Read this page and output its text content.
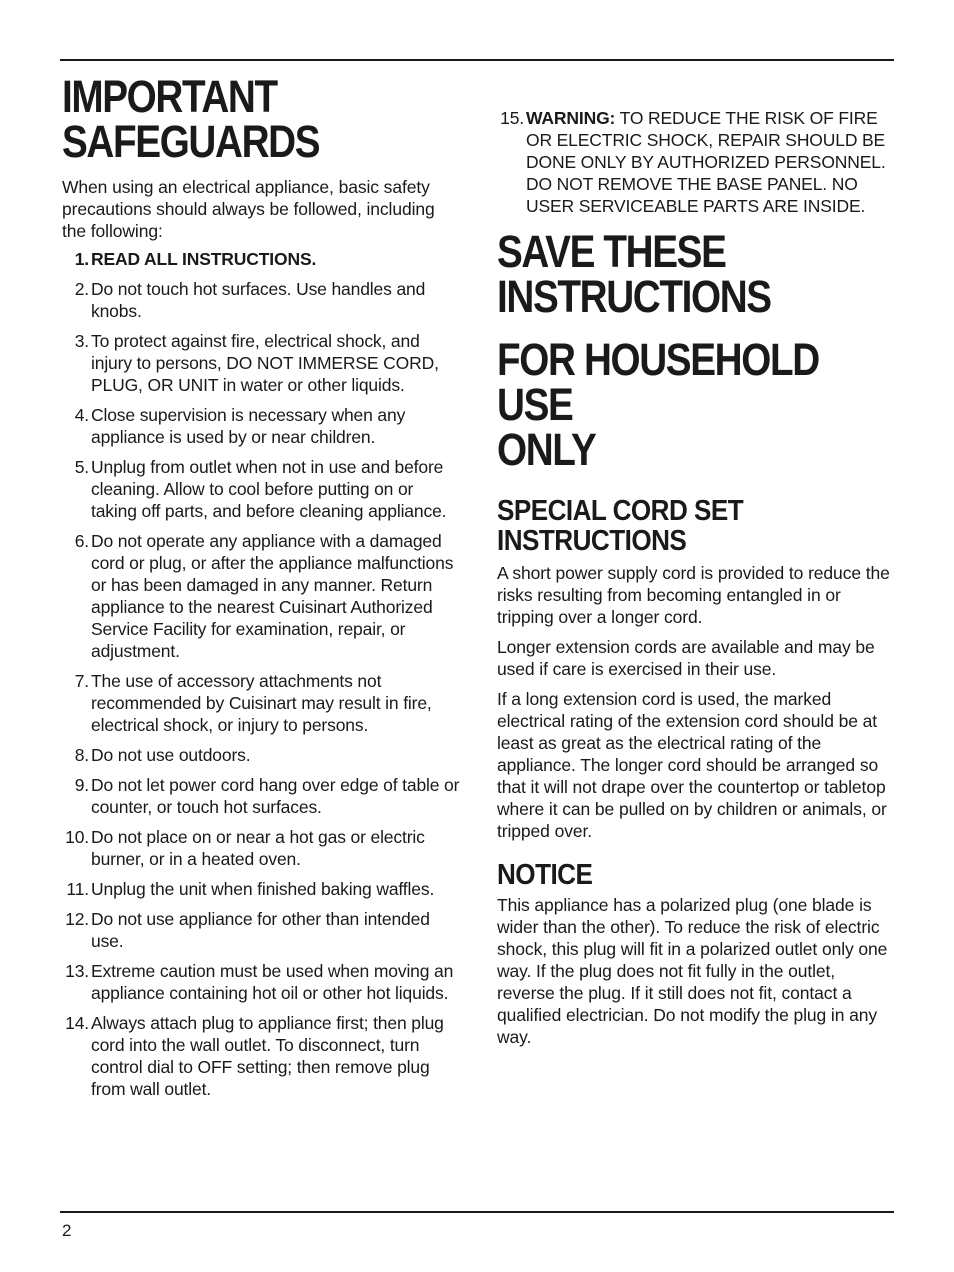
IMPORTANT
SAFEGUARDS

When using an electrical appliance, basic safety precautions should always be followed, including the following:

1. READ ALL INSTRUCTIONS.
2. Do not touch hot surfaces. Use handles and knobs.
3. To protect against fire, electrical shock, and injury to persons, DO NOT IMMERSE CORD, PLUG, OR UNIT in water or other liquids.
4. Close supervision is necessary when any appliance is used by or near children.
5. Unplug from outlet when not in use and before cleaning. Allow to cool before putting on or taking off parts, and before cleaning appliance.
6. Do not operate any appliance with a damaged cord or plug, or after the appliance malfunctions or has been damaged in any manner. Return appliance to the nearest Cuisinart Authorized Service Facility for examination, repair, or adjustment.
7. The use of accessory attachments not recommended by Cuisinart may result in fire, electrical shock, or injury to persons.
8. Do not use outdoors.
9. Do not let power cord hang over edge of table or counter, or touch hot surfaces.
10. Do not place on or near a hot gas or electric burner, or in a heated oven.
11. Unplug the unit when finished baking waffles.
12. Do not use appliance for other than intended use.
13. Extreme caution must be used when moving an appliance containing hot oil or other hot liquids.
14. Always attach plug to appliance first; then plug cord into the wall outlet. To disconnect, turn control dial to OFF setting; then remove plug from wall outlet.
15. WARNING: TO REDUCE THE RISK OF FIRE OR ELECTRIC SHOCK, REPAIR SHOULD BE DONE ONLY BY AUTHORIZED PERSONNEL. DO NOT REMOVE THE BASE PANEL. NO USER SERVICEABLE PARTS ARE INSIDE.
SAVE THESE
INSTRUCTIONS
FOR HOUSEHOLD USE
ONLY
SPECIAL CORD SET
INSTRUCTIONS

A short power supply cord is provided to reduce the risks resulting from becoming entangled in or tripping over a longer cord.

Longer extension cords are available and may be used if care is exercised in their use.

If a long extension cord is used, the marked electrical rating of the extension cord should be at least as great as the electrical rating of the appliance. The longer cord should be arranged so that it will not drape over the countertop or tabletop where it can be pulled on by children or animals, or tripped over.

NOTICE

This appliance has a polarized plug (one blade is wider than the other). To reduce the risk of electric shock, this plug will fit in a polarized outlet only one way. If the plug does not fit fully in the outlet, reverse the plug. If it still does not fit, contact a qualified electrician. Do not modify the plug in any way.

2
